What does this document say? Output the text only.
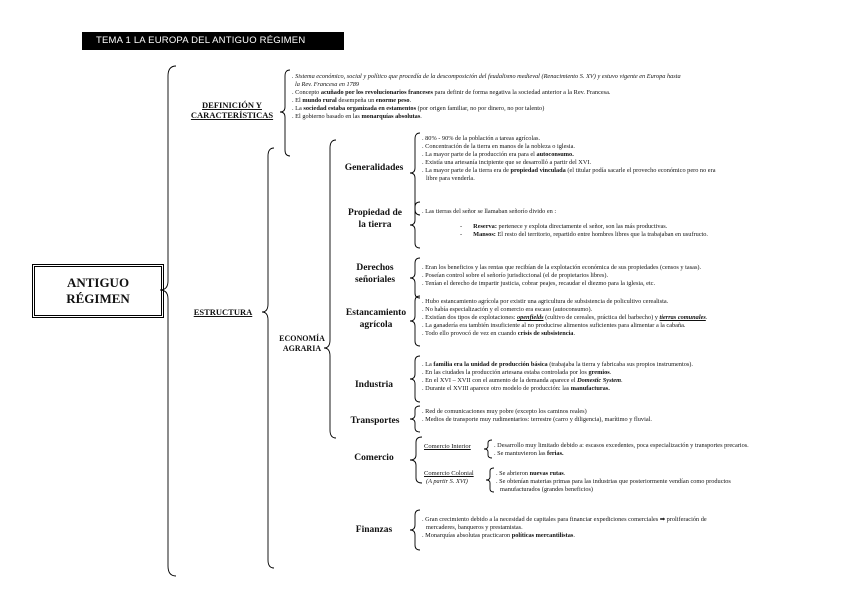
TEMA 1 LA EUROPA DEL ANTIGUO RÉGIMEN
ANTIGUO
RÉGIMEN
DEFINICIÓN Y
CARACTERÍSTICAS
. Sistema económico, social y político que procedía de la descomposición del feudalismo medieval (Renacimiento S. XV) y estuvo vigente en Europa hasta
la Rev. Francesa en 1789
. Concepto acuñado por los revolucionarios franceses para definir de forma negativa la sociedad anterior a la Rev. Francesa.
. El mundo rural desempeña un enorme peso.
. La sociedad estaba organizada en estamentos (por origen familiar, no por dinero, no por talento)
. El gobierno basado en las monarquías absolutas.
ESTRUCTURA
ECONOMÍA
AGRARIA
Generalidades
. 80% - 90% de la población a tareas agrícolas.
. Concentración de la tierra en manos de la nobleza o iglesia.
. La mayor parte de la producción era para el autoconsumo.
. Existía una artesanía incipiente que se desarrolló a partir del XVI.
. La mayor parte de la tierra era de propiedad vinculada (el titular podía sacarle el provecho económico pero no era
libre para venderla.
Propiedad de
la tierra
. Las tierras del señor se llamaban señorío divido en :
- Reserva: pertenece y explota directamente el señor, son las más productivas.
- Mansos: El resto del territorio, repartido entre hombres libres que la trabajaban en usufructo.
Derechos
señoriales
. Eran los beneficios y las rentas que recibían de la explotación económica de sus propiedades (censos y tasas).
. Poseían control sobre el señorío jurisdiccional (el de propietarios libres).
. Tenían el derecho de impartir justicia, cobrar peajes, recaudar el diezmo para la iglesia, etc.
Estancamiento
agrícola
. Hubo estancamiento agrícola por existir una agricultura de subsistencia de policultivo cerealista.
. No había especialización y el comercio era escaso (autoconsumo).
. Existían dos tipos de explotaciones: openfields (cultivo de cereales, práctica del barbecho) y tierras comunales.
. La ganadería era también insuficiente al no producirse alimentos suficientes para alimentar a la cabaña.
. Todo ello provocó de vez en cuando crisis de subsistencia.
Industria
. La familia era la unidad de producción básica (trabajaba la tierra y fabricaba sus propios instrumentos).
. En las ciudades la producción artesana estaba controlada por los gremios.
. En el XVI – XVII con el aumento de la demanda aparece el Domestic System.
. Durante el XVIII aparece otro modelo de producción: las manufacturas.
Transportes
. Red de comunicaciones muy pobre (excepto los caminos reales)
. Medios de transporte muy rudimentarios: terrestre (carro y diligencia), marítimo y fluvial.
Comercio
Comercio Interior	. Desarrollo muy limitado debido a: escasos excedentes, poca especialización y transportes precarios.
. Se mantuvieron las ferias.
Comercio Colonial
(A partir S. XVI)
. Se abrieron nuevas rutas.
. Se obtenían materias primas para las industrias que posteriormente vendían como productos
manufacturados (grandes beneficios)
Finanzas
. Gran crecimiento debido a la necesidad de capitales para financiar expediciones comerciales ➡ proliferación de
mercaderes, banqueros y prestamistas.
. Monarquías absolutas practicaron políticas mercantilistas.
